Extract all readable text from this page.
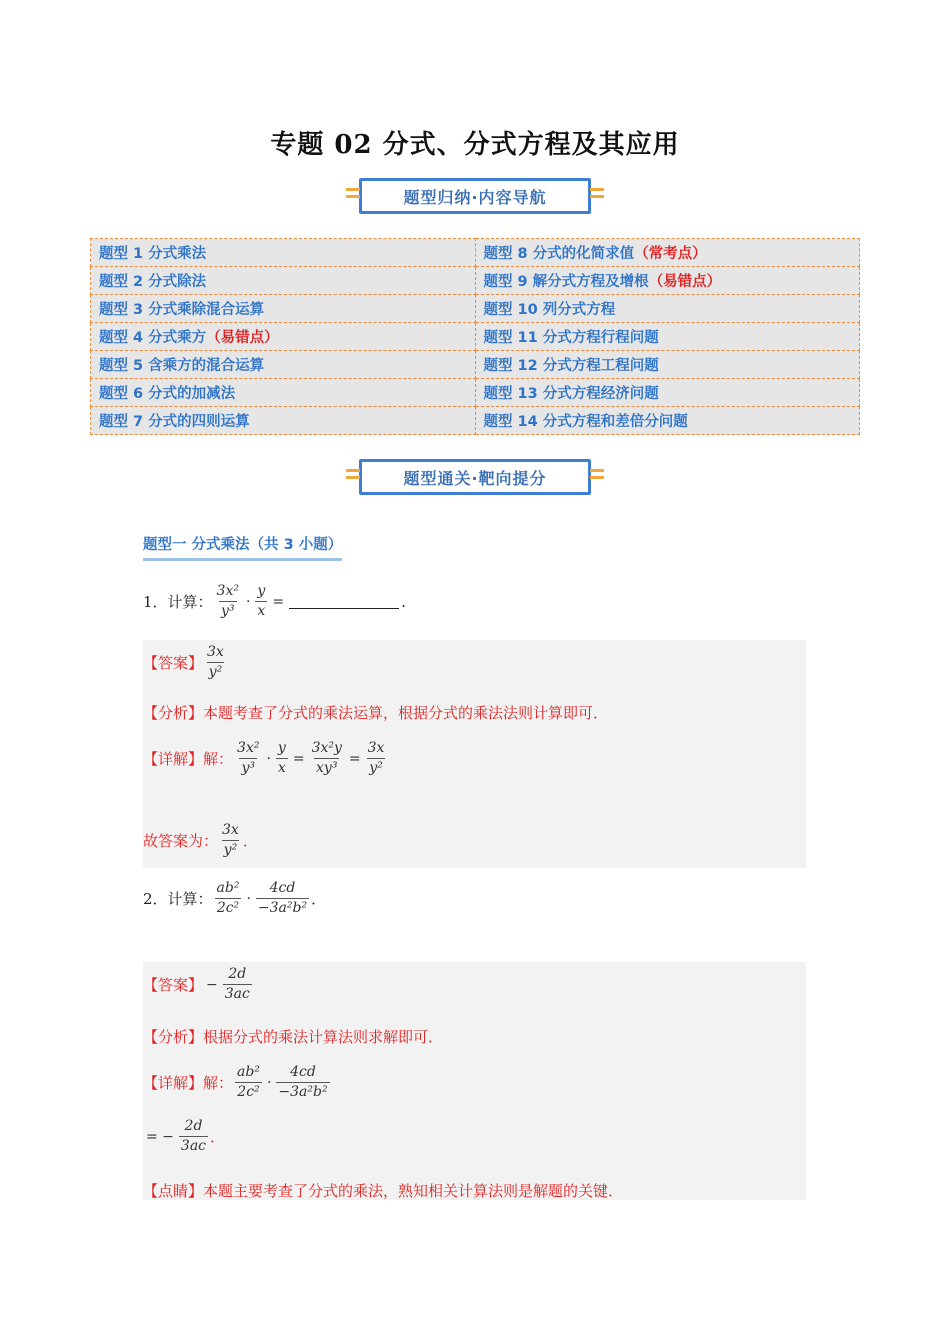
专题 02 分式、分式方程及其应用
题型归纳·内容导航
题型 1 分式乘法	题型 8 分式的化简求值（常考点）
题型 2 分式除法	题型 9 解分式方程及增根（易错点）
题型 3 分式乘除混合运算	题型 10 列分式方程
题型 4 分式乘方（易错点）	题型 11 分式方程行程问题
题型 5 含乘方的混合运算	题型 12 分式方程工程问题
题型 6 分式的加减法	题型 13 分式方程经济问题
题型 7 分式的四则运算	题型 14 分式方程和差倍分问题
题型通关·靶向提分
题型一 分式乘法（共 3 小题）
1．计算： $\frac{\text{3x²}}{\text{y³}} \cdot \frac{y}{x}$ =	.
【答案】 $\frac{3x}{\text{y²}}$
【分析】 本题考查了分式的乘法运算，根据分式的乘法法则计算即可．
【详解】 解： $\frac{\text{3x²}}{\text{y³}} \cdot \frac{y}{x} = \frac{\text{3x²y}}{\text{xy³}} = \frac{3x}{\text{y²}}$
故答案为： $\frac{3x}{\text{y²}}$ ．
2．计算： $\frac{\text{ab²}}{\text{2c²}} \cdot \frac{4cd}{\text{−3a²b²}}$ ．
【答案】 − $\frac{2d}{3ac}$
【分析】 根据分式的乘法计算法则求解即可．
【详解】 解： $\frac{\text{ab²}}{\text{2c²}} \cdot \frac{4cd}{\text{−3a²b²}}$
= − $\frac{2d}{3ac}$ ．
【点睛】 本题主要考查了分式的乘法，熟知相关计算法则是解题的关键．
